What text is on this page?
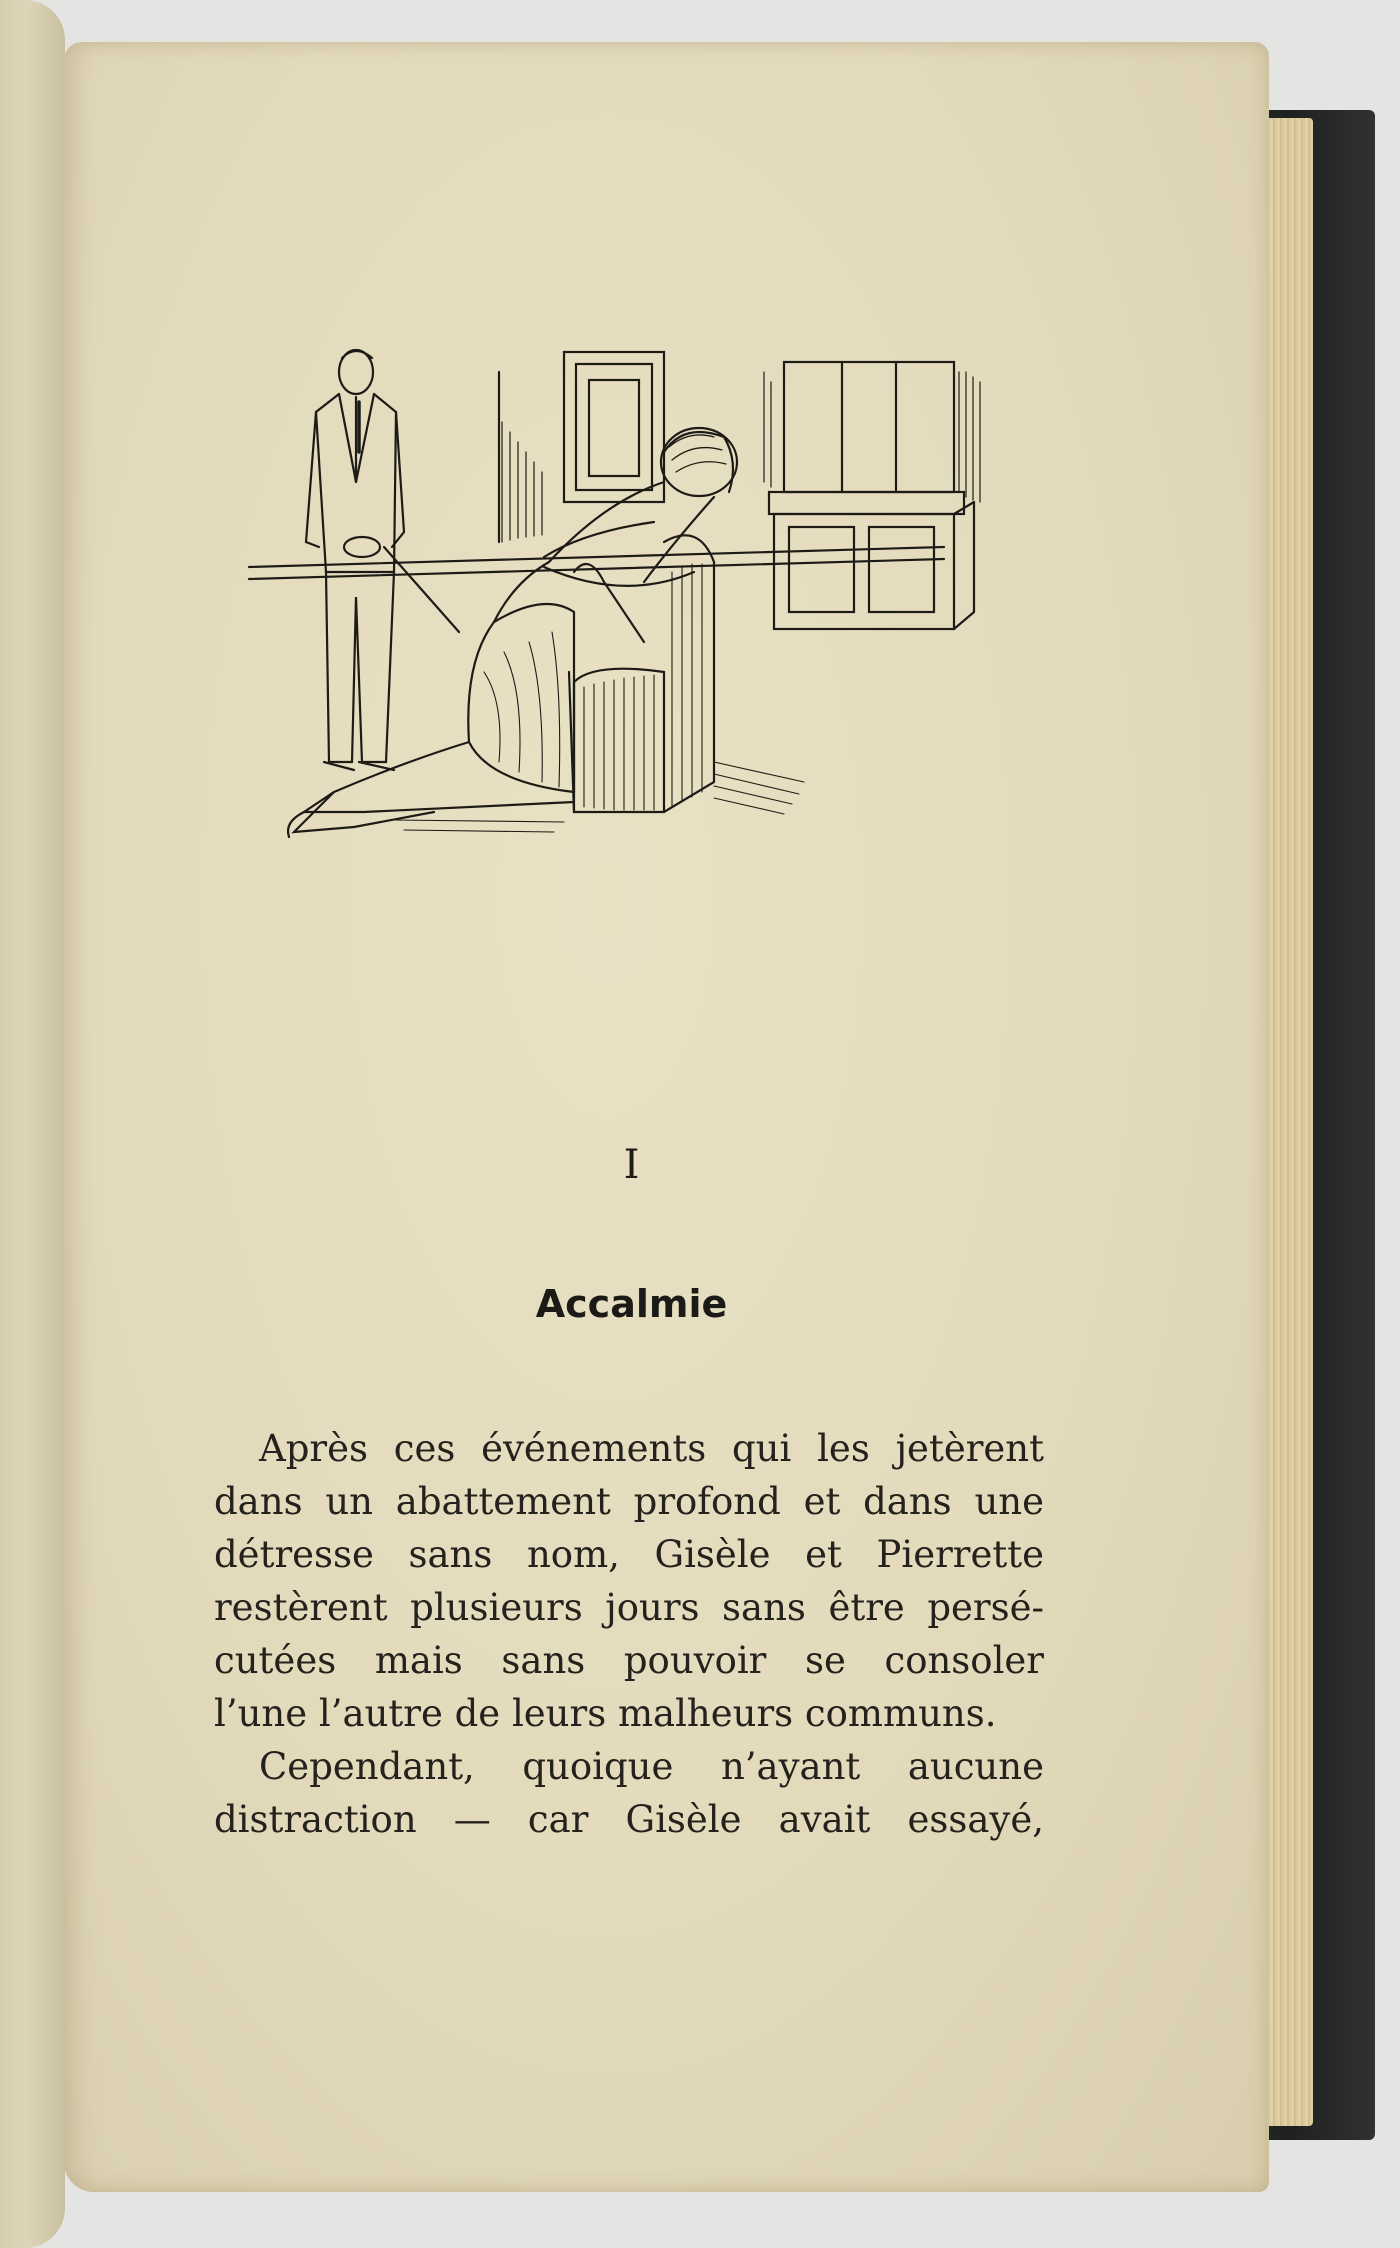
I
Accalmie
Après ces événements qui les jetèrent
dans un abattement profond et dans une
détresse sans nom, Gisèle et Pierrette
restèrent plusieurs jours sans être persé-
cutées mais sans pouvoir se consoler
l’une l’autre de leurs malheurs communs.
Cependant, quoique n’ayant aucune
distraction — car Gisèle avait essayé,
